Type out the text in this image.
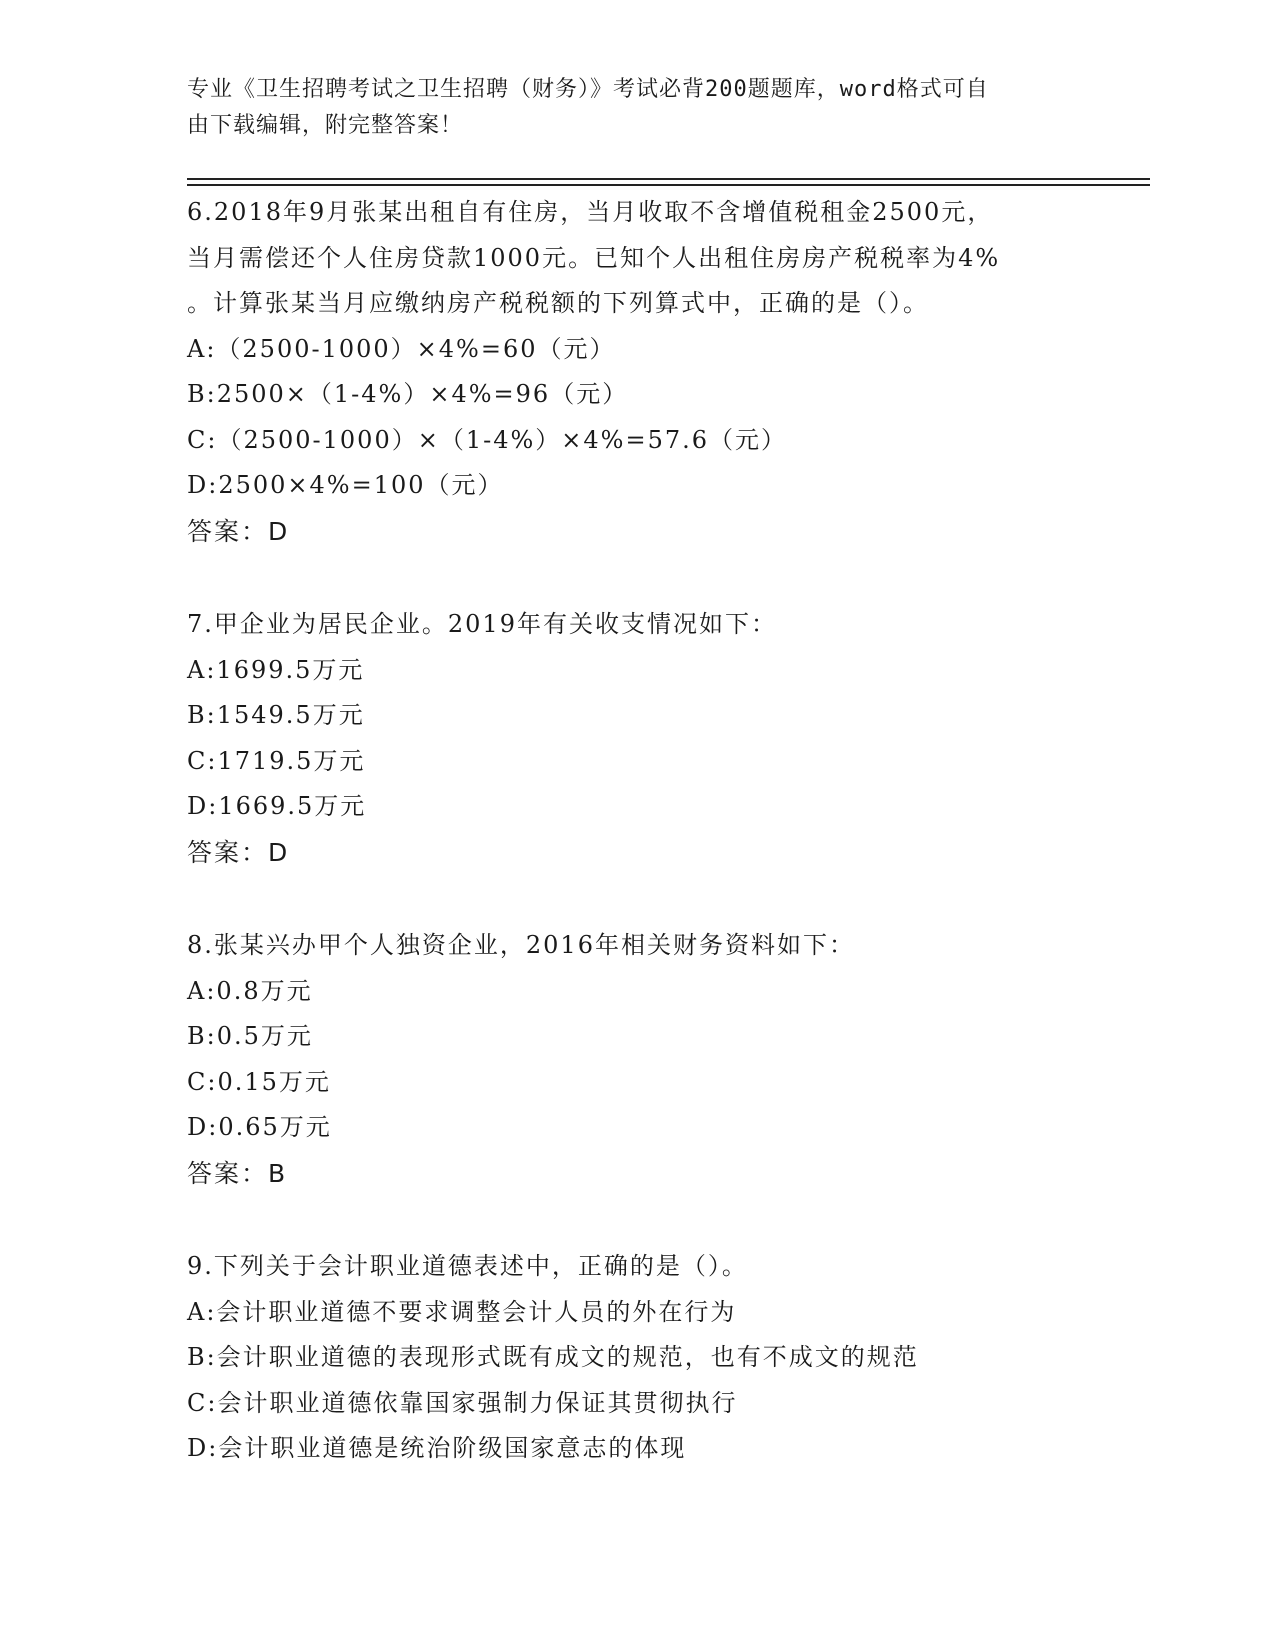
专业《卫生招聘考试之卫生招聘（财务）》考试必背200题题库，word格式可自
由下载编辑，附完整答案！
6.2018年9月张某出租自有住房，当月收取不含增值税租金2500元，
当月需偿还个人住房贷款1000元。已知个人出租住房房产税税率为4%
。计算张某当月应缴纳房产税税额的下列算式中，正确的是（）。
A:（2500-1000）×4%=60（元）
B:2500×（1-4%）×4%=96（元）
C:（2500-1000）×（1-4%）×4%=57.6（元）
D:2500×4%=100（元）
答案：D
7.甲企业为居民企业。2019年有关收支情况如下：
A:1699.5万元
B:1549.5万元
C:1719.5万元
D:1669.5万元
答案：D
8.张某兴办甲个人独资企业，2016年相关财务资料如下：
A:0.8万元
B:0.5万元
C:0.15万元
D:0.65万元
答案：B
9.下列关于会计职业道德表述中，正确的是（）。
A:会计职业道德不要求调整会计人员的外在行为
B:会计职业道德的表现形式既有成文的规范，也有不成文的规范
C:会计职业道德依靠国家强制力保证其贯彻执行
D:会计职业道德是统治阶级国家意志的体现
